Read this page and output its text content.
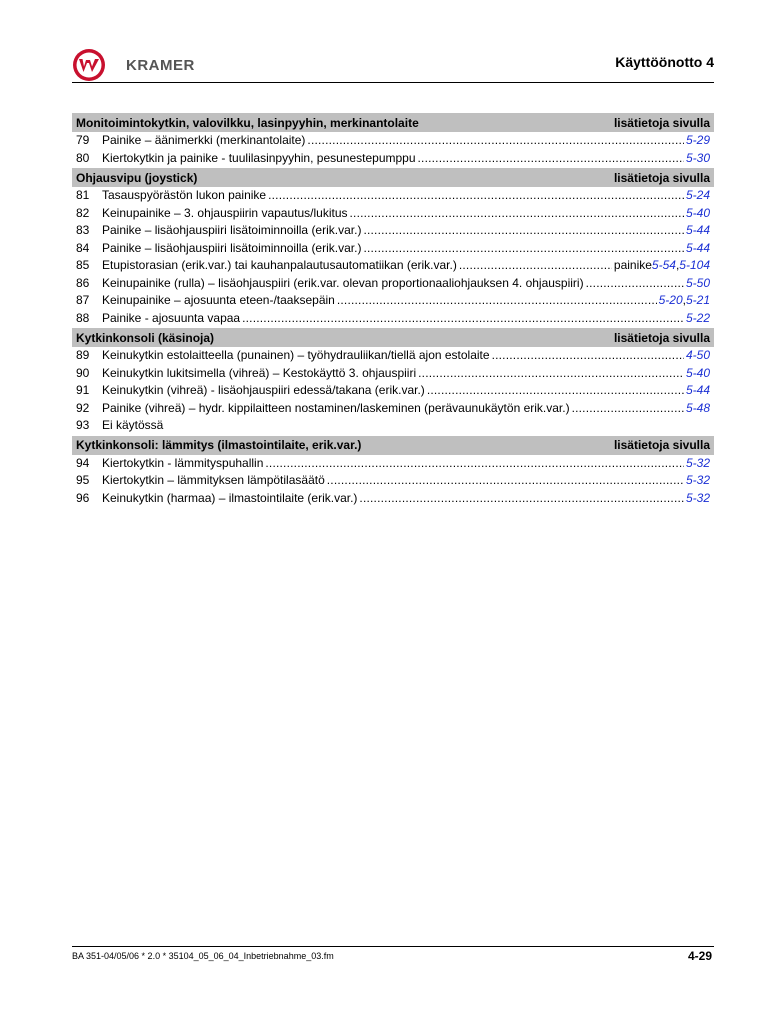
KRAMER	Käyttöönotto 4
Monitoimintokytkin, valovilkku, lasinpyyhin, merkinantolaite	lisätietoja sivulla
79	Painike – äänimerkki (merkinantolaite) .....	5-29
80	Kiertokytkin ja painike - tuulilasinpyyhin, pesunestepumppu .....	5-30
Ohjausvipu (joystick)	lisätietoja sivulla
81	Tasauspyörästön lukon painike .....	5-24
82	Keinupainike – 3. ohjauspiirin vapautus/lukitus .....	5-40
83	Painike – lisäohjauspiiri lisätoiminnoilla (erik.var.) .....	5-44
84	Painike – lisäohjauspiiri lisätoiminnoilla (erik.var.) .....	5-44
85	Etupistorasian (erik.var.) tai kauhanpalautusautomatiikan (erik.var.) .....	painike 5-54 , 5-104
86	Keinupainike (rulla) – lisäohjauspiiri (erik.var. olevan proportionaaliohjauksen 4. ohjauspiiri) .....	5-50
87	Keinupainike – ajosuunta eteen-/taaksepäin .....	5-20 , 5-21
88	Painike - ajosuunta vapaa .....	5-22
Kytkinkonsoli (käsinoja)	lisätietoja sivulla
89	Keinukytkin estolaitteella (punainen) – työhydrauliikan/tiellä ajon estolaite .....	4-50
90	Keinukytkin lukitsimella (vihreä) – Kestokäyttö 3. ohjauspiiri .....	5-40
91	Keinukytkin (vihreä) - lisäohjauspiiri edessä/takana (erik.var.) .....	5-44
92	Painike (vihreä) – hydr. kippilaitteen nostaminen/laskeminen (perävaunukäytön erik.var.) .....	5-48
93	Ei käytössä
Kytkinkonsoli: lämmitys (ilmastointilaite, erik.var.)	lisätietoja sivulla
94	Kiertokytkin - lämmityspuhallin .....	5-32
95	Kiertokytkin – lämmityksen lämpötilasäätö .....	5-32
96	Keinukytkin (harmaa) – ilmastointilaite (erik.var.) .....	5-32
BA 351-04/05/06 * 2.0 * 35104_05_06_04_Inbetriebnahme_03.fm	4-29
